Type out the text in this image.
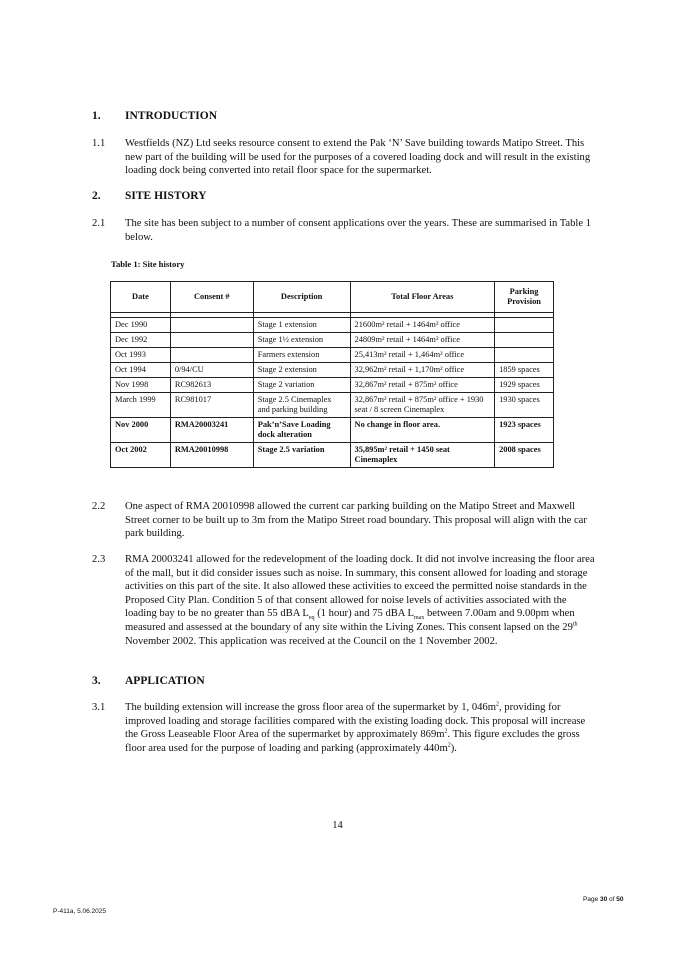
1. INTRODUCTION
1.1 Westfields (NZ) Ltd seeks resource consent to extend the Pak ‘N’ Save building towards Matipo Street. This new part of the building will be used for the purposes of a covered loading dock and will result in the existing loading dock being converted into retail floor space for the supermarket.
2. SITE HISTORY
2.1 The site has been subject to a number of consent applications over the years. These are summarised in Table 1 below.
Table 1: Site history
Date	Consent #	Description	Total Floor Areas	Parking Provision

Dec 1990		Stage 1 extension	21600m² retail + 1464m² office	
Dec 1992		Stage 1½ extension	24809m² retail + 1464m² office	
Oct 1993		Farmers extension	25,413m² retail + 1,464m² office	
Oct 1994	0/94/CU	Stage 2 extension	32,962m² retail + 1,170m² office	1859 spaces
Nov 1998	RC982613	Stage 2 variation	32,867m² retail + 875m² office	1929 spaces
March 1999	RC981017	Stage 2.5 Cinemaplex and parking building	32,867m² retail + 875m² office + 1930 seat / 8 screen Cinemaplex	1930 spaces
Nov 2000	RMA20003241	Pak’n’Save Loading dock alteration	No change in floor area.	1923 spaces
Oct 2002	RMA20010998	Stage 2.5 variation	35,895m² retail + 1450 seat Cinemaplex	2008 spaces
2.2 One aspect of RMA 20010998 allowed the current car parking building on the Matipo Street and Maxwell Street corner to be built up to 3m from the Matipo Street road boundary. This proposal will align with the car park building.
2.3 RMA 20003241 allowed for the redevelopment of the loading dock. It did not involve increasing the floor area of the mall, but it did consider issues such as noise. In summary, this consent allowed for loading and storage activities on this part of the site. It also allowed these activities to exceed the permitted noise standards in the Proposed City Plan. Condition 5 of that consent allowed for noise levels of activities associated with the loading bay to be no greater than 55 dBA $L_{eq}$ (1 hour) and 75 dBA $L_{max}$ between 7.00am and 9.00pm when measured and assessed at the boundary of any site within the Living Zones. This consent lapsed on the 29th November 2002. This application was received at the Council on the 1 November 2002.
3. APPLICATION
3.1 The building extension will increase the gross floor area of the supermarket by 1, $046m^2$, providing for improved loading and storage facilities compared with the existing loading dock. This proposal will increase the Gross Leaseable Floor Area of the supermarket by approximately $869m^2$. This figure excludes the gross floor area used for the purpose of loading and parking (approximately $440m^2$).
14
P-411a, 5.06.2025
Page 30 of 50
